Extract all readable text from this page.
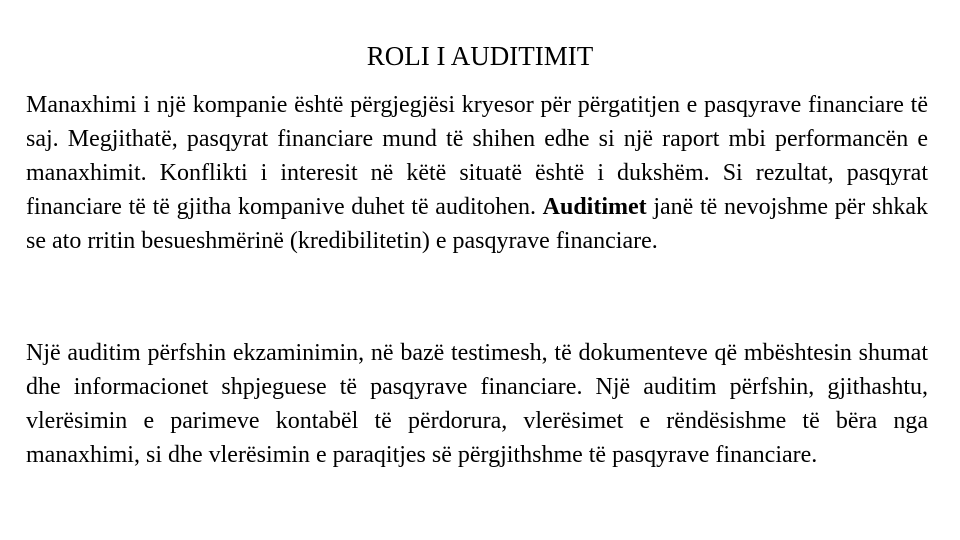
ROLI I AUDITIMIT

Manaxhimi i një kompanie është përgjegjësi kryesor për përgatitjen e pasqyrave financiare të saj. Megjithatë, pasqyrat financiare mund të shihen edhe si një raport mbi performancën e manaxhimit. Konflikti i interesit në këtë situatë është i dukshëm. Si rezultat, pasqyrat financiare të të gjitha kompanive duhet të auditohen. Auditimet janë të nevojshme për shkak se ato rritin besueshmërinë (kredibilitetin) e pasqyrave financiare.

Një auditim përfshin ekzaminimin, në bazë testimesh, të dokumenteve që mbështesin shumat dhe informacionet shpjeguese të pasqyrave financiare. Një auditim përfshin, gjithashtu, vlerësimin e parimeve kontabël të përdorura, vlerësimet e rëndësishme të bëra nga manaxhimi, si dhe vlerësimin e paraqitjes së përgjithshme të pasqyrave financiare.
